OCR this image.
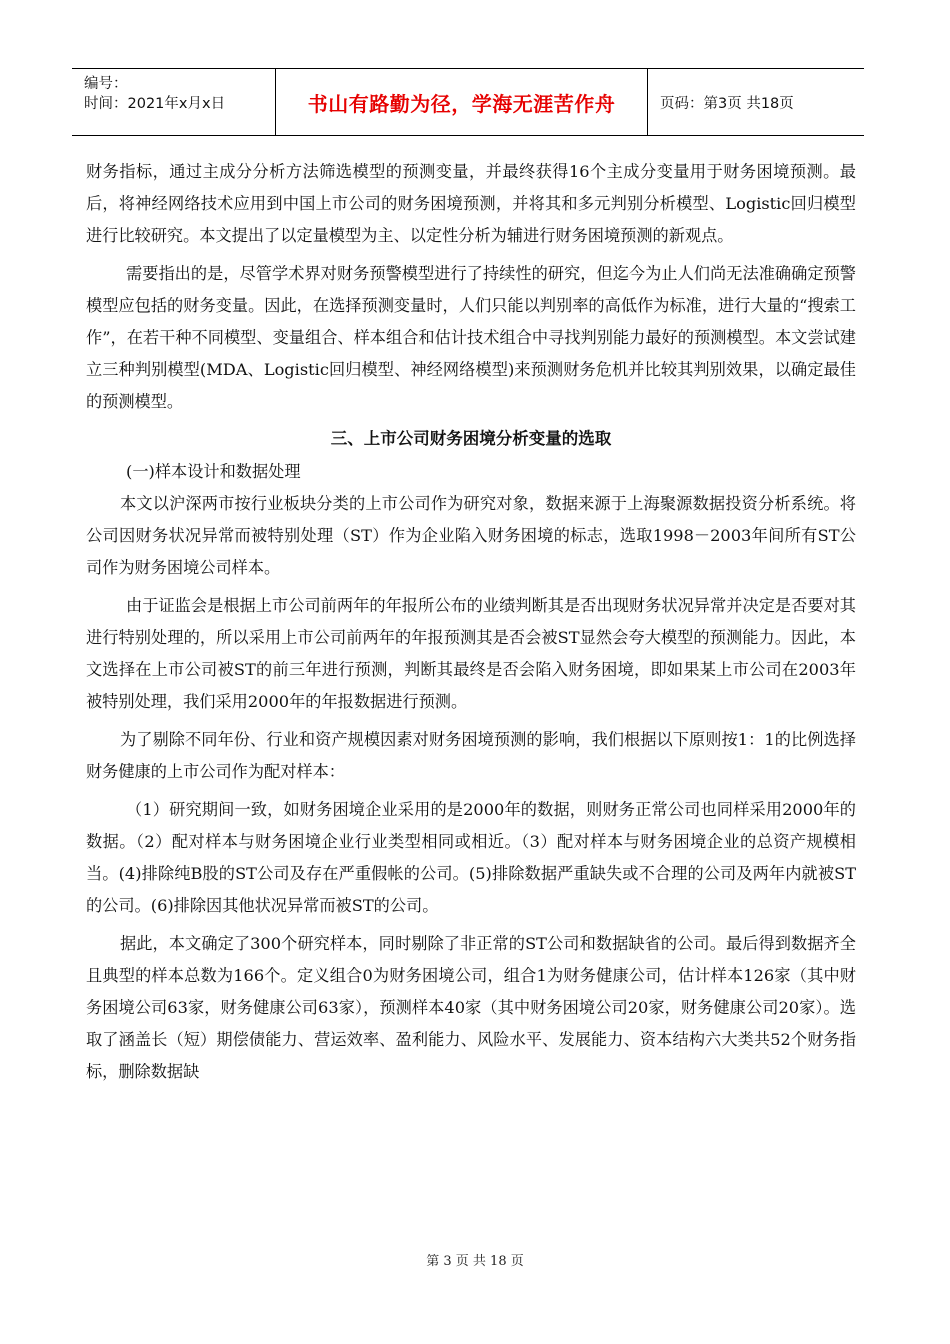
编号：
时间：2021年x月x日	书山有路勤为径，学海无涯苦作舟	页码：第3页 共18页

财务指标，通过主成分分析方法筛选模型的预测变量，并最终获得16个主成分变量用于财务困境预测。最后，将神经网络技术应用到中国上市公司的财务困境预测，并将其和多元判别分析模型、Logistic回归模型进行比较研究。本文提出了以定量模型为主、以定性分析为辅进行财务困境预测的新观点。

需要指出的是，尽管学术界对财务预警模型进行了持续性的研究，但迄今为止人们尚无法准确确定预警模型应包括的财务变量。因此，在选择预测变量时，人们只能以判别率的高低作为标准，进行大量的“搜索工作”，在若干种不同模型、变量组合、样本组合和估计技术组合中寻找判别能力最好的预测模型。本文尝试建立三种判别模型(MDA、Logistic回归模型、神经网络模型)来预测财务危机并比较其判别效果，以确定最佳的预测模型。

三、上市公司财务困境分析变量的选取

(一)样本设计和数据处理

本文以沪深两市按行业板块分类的上市公司作为研究对象，数据来源于上海聚源数据投资分析系统。将公司因财务状况异常而被特别处理（ST）作为企业陷入财务困境的标志，选取1998－2003年间所有ST公司作为财务困境公司样本。

由于证监会是根据上市公司前两年的年报所公布的业绩判断其是否出现财务状况异常并决定是否要对其进行特别处理的，所以采用上市公司前两年的年报预测其是否会被ST显然会夸大模型的预测能力。因此，本文选择在上市公司被ST的前三年进行预测，判断其最终是否会陷入财务困境，即如果某上市公司在2003年被特别处理，我们采用2000年的年报数据进行预测。

为了剔除不同年份、行业和资产规模因素对财务困境预测的影响，我们根据以下原则按1：1的比例选择财务健康的上市公司作为配对样本：

（1）研究期间一致，如财务困境企业采用的是2000年的数据，则财务正常公司也同样采用2000年的数据。（2）配对样本与财务困境企业行业类型相同或相近。（3）配对样本与财务困境企业的总资产规模相当。(4)排除纯B股的ST公司及存在严重假帐的公司。(5)排除数据严重缺失或不合理的公司及两年内就被ST的公司。(6)排除因其他状况异常而被ST的公司。

据此，本文确定了300个研究样本，同时剔除了非正常的ST公司和数据缺省的公司。最后得到数据齐全且典型的样本总数为166个。定义组合0为财务困境公司，组合1为财务健康公司，估计样本126家（其中财务困境公司63家，财务健康公司63家），预测样本40家（其中财务困境公司20家，财务健康公司20家）。选取了涵盖长（短）期偿债能力、营运效率、盈利能力、风险水平、发展能力、资本结构六大类共52个财务指标，删除数据缺

第 3 页 共 18 页
